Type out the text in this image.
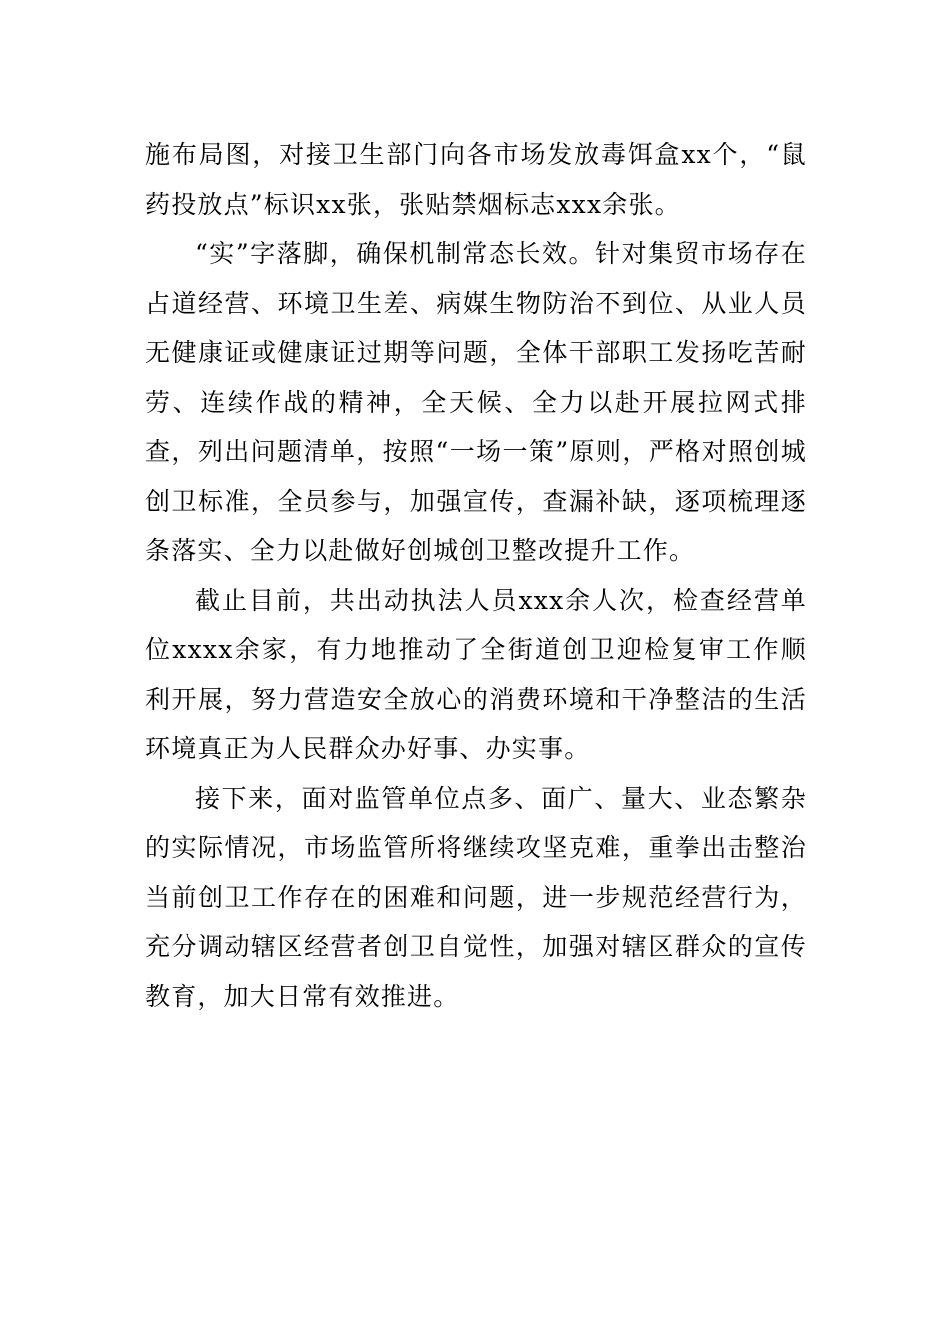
施布局图，对接卫生部门向各市场发放毒饵盒xx个，“鼠药投放点”标识xx张，张贴禁烟标志xxx余张。

“实”字落脚，确保机制常态长效。针对集贸市场存在占道经营、环境卫生差、病媒生物防治不到位、从业人员无健康证或健康证过期等问题，全体干部职工发扬吃苦耐劳、连续作战的精神，全天候、全力以赴开展拉网式排查，列出问题清单，按照“一场一策”原则，严格对照创城创卫标准，全员参与，加强宣传，查漏补缺，逐项梳理逐条落实、全力以赴做好创城创卫整改提升工作。

截止目前，共出动执法人员xxx余人次，检查经营单位xxxx余家，有力地推动了全街道创卫迎检复审工作顺利开展，努力营造安全放心的消费环境和干净整洁的生活环境真正为人民群众办好事、办实事。

接下来，面对监管单位点多、面广、量大、业态繁杂的实际情况，市场监管所将继续攻坚克难，重拳出击整治当前创卫工作存在的困难和问题，进一步规范经营行为，充分调动辖区经营者创卫自觉性，加强对辖区群众的宣传教育，加大日常有效推进。
